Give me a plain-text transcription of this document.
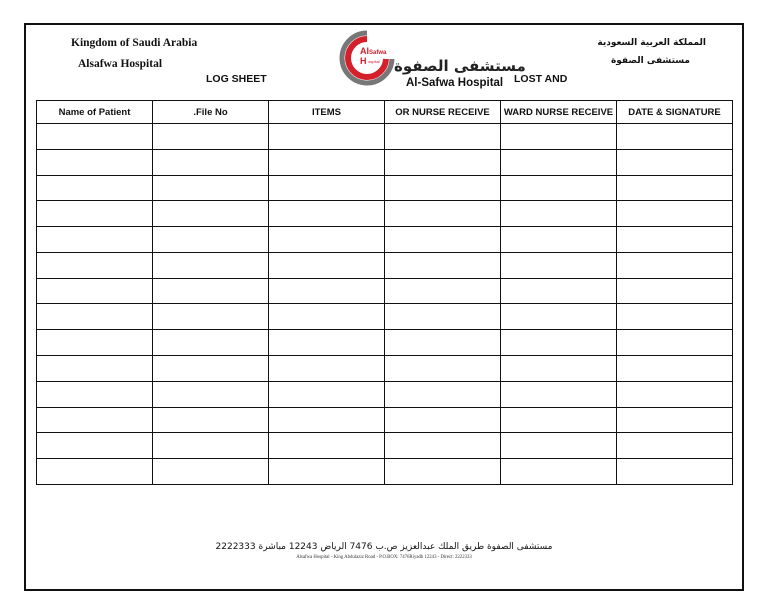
Kingdom of Saudi Arabia
Alsafwa Hospital
المملكة العربية السعودية
مستشفى الصفوة
Al Safwa
H ospital مستشفى الصفوة
Al-Safwa Hospital
LOG SHEET	LOST AND
Name of Patient	.File No	ITEMS	OR NURSE RECEIVE	WARD NURSE RECEIVE	DATE & SIGNATURE

مستشفى الصفوة طريق الملك عبدالعزيز ص.ب 7476 الرياض 12243 مباشرة 2222333
Alsafwa Hospital - King Abdulaziz Road - P.O.BOX: 7476Riyadh 12243 - Direct: 2222333
